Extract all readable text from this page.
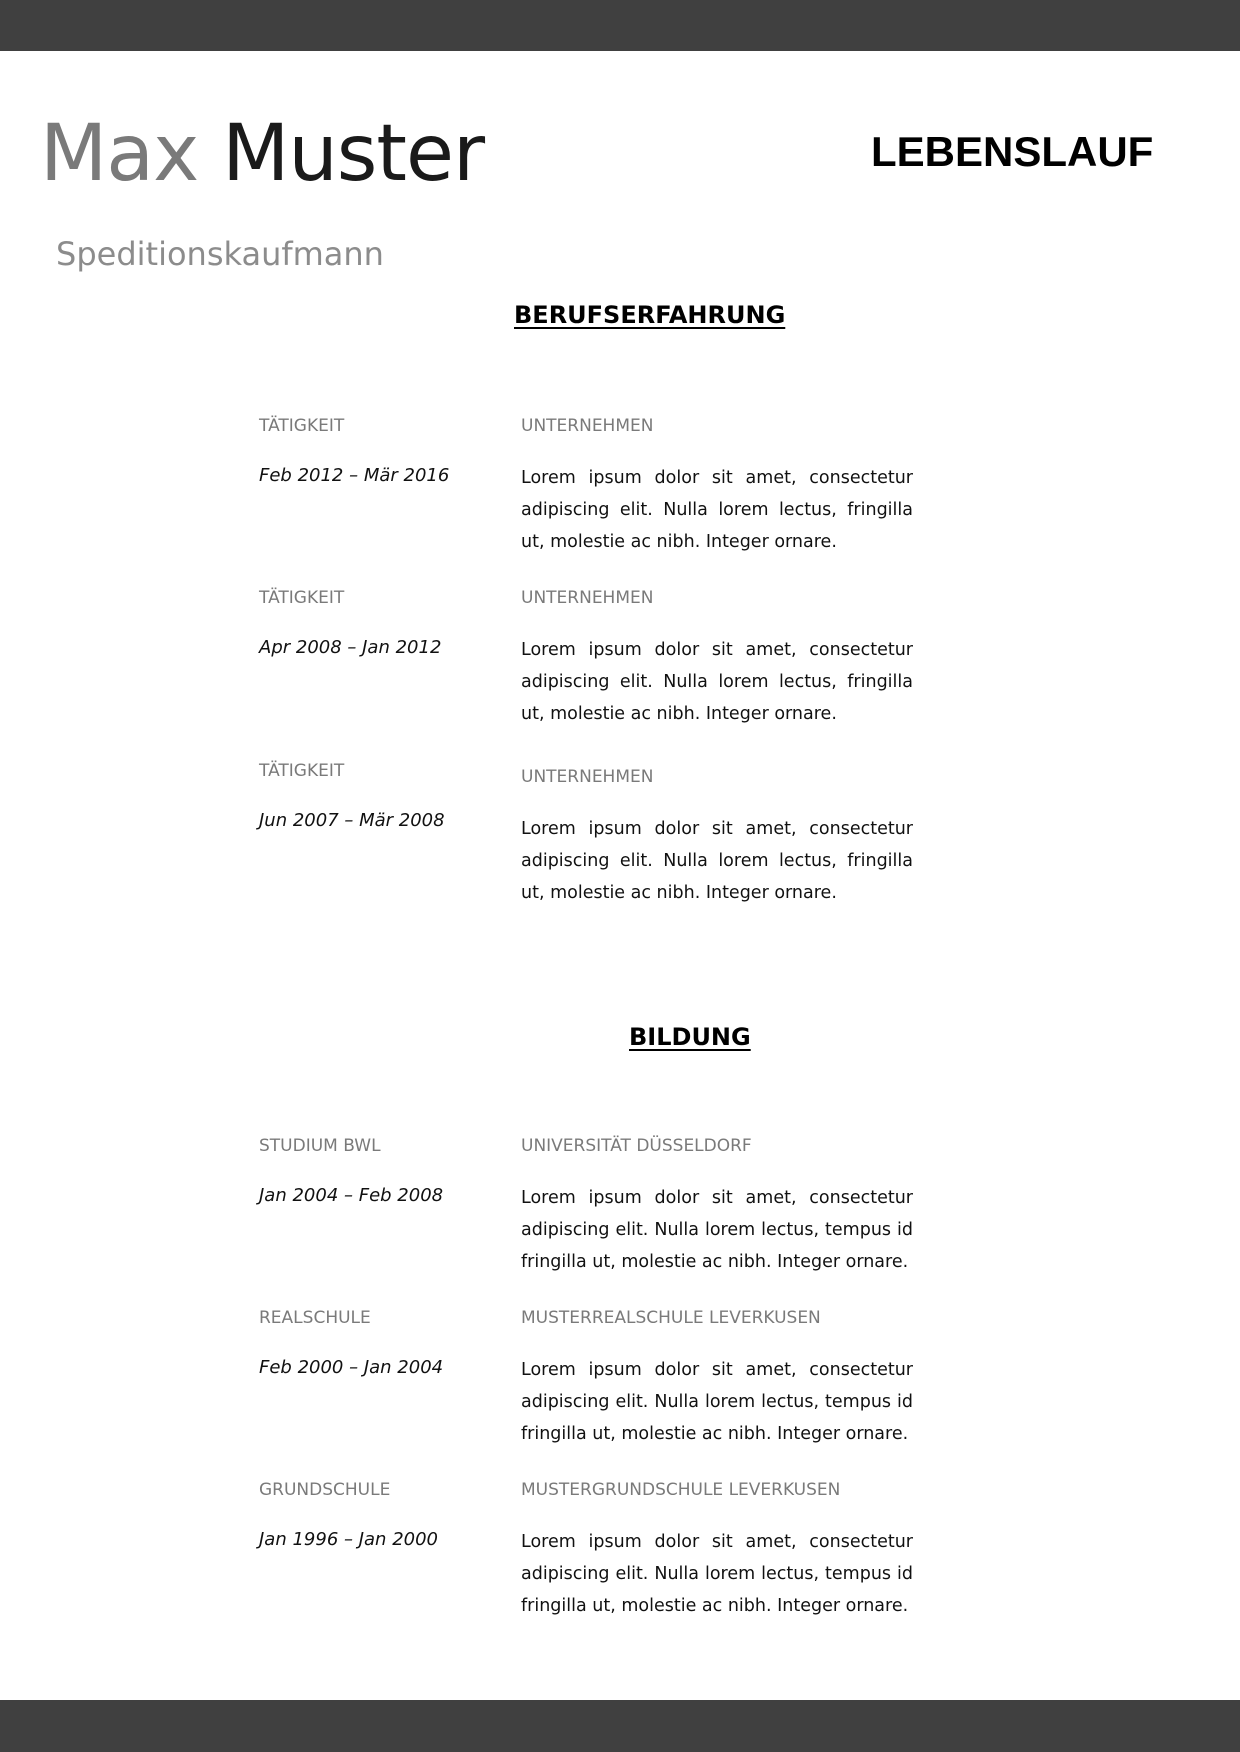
Max Muster	LEBENSLAUF
Speditionskaufmann
BERUFSERFAHRUNG
TÄTIGKEIT	UNTERNEHMEN
Feb 2012 – Mär 2016	Lorem ipsum dolor sit amet, consectetur adipiscing elit. Nulla lorem lectus, fringilla ut, molestie ac nibh. Integer ornare.

TÄTIGKEIT	UNTERNEHMEN
Apr 2008 – Jan 2012	Lorem ipsum dolor sit amet, consectetur adipiscing elit. Nulla lorem lectus, fringilla ut, molestie ac nibh. Integer ornare.

TÄTIGKEIT	UNTERNEHMEN
Jun 2007 – Mär 2008	Lorem ipsum dolor sit amet, consectetur adipiscing elit. Nulla lorem lectus, fringilla ut, molestie ac nibh. Integer ornare.

BILDUNG
STUDIUM BWL	UNIVERSITÄT DÜSSELDORF
Jan 2004 – Feb 2008	Lorem ipsum dolor sit amet, consectetur adipiscing elit. Nulla lorem lectus, tempus id fringilla ut, molestie ac nibh. Integer ornare.

REALSCHULE	MUSTERREALSCHULE LEVERKUSEN
Feb 2000 – Jan 2004	Lorem ipsum dolor sit amet, consectetur adipiscing elit. Nulla lorem lectus, tempus id fringilla ut, molestie ac nibh. Integer ornare.

GRUNDSCHULE	MUSTERGRUNDSCHULE LEVERKUSEN
Jan 1996 – Jan 2000	Lorem ipsum dolor sit amet, consectetur adipiscing elit. Nulla lorem lectus, tempus id fringilla ut, molestie ac nibh. Integer ornare.
